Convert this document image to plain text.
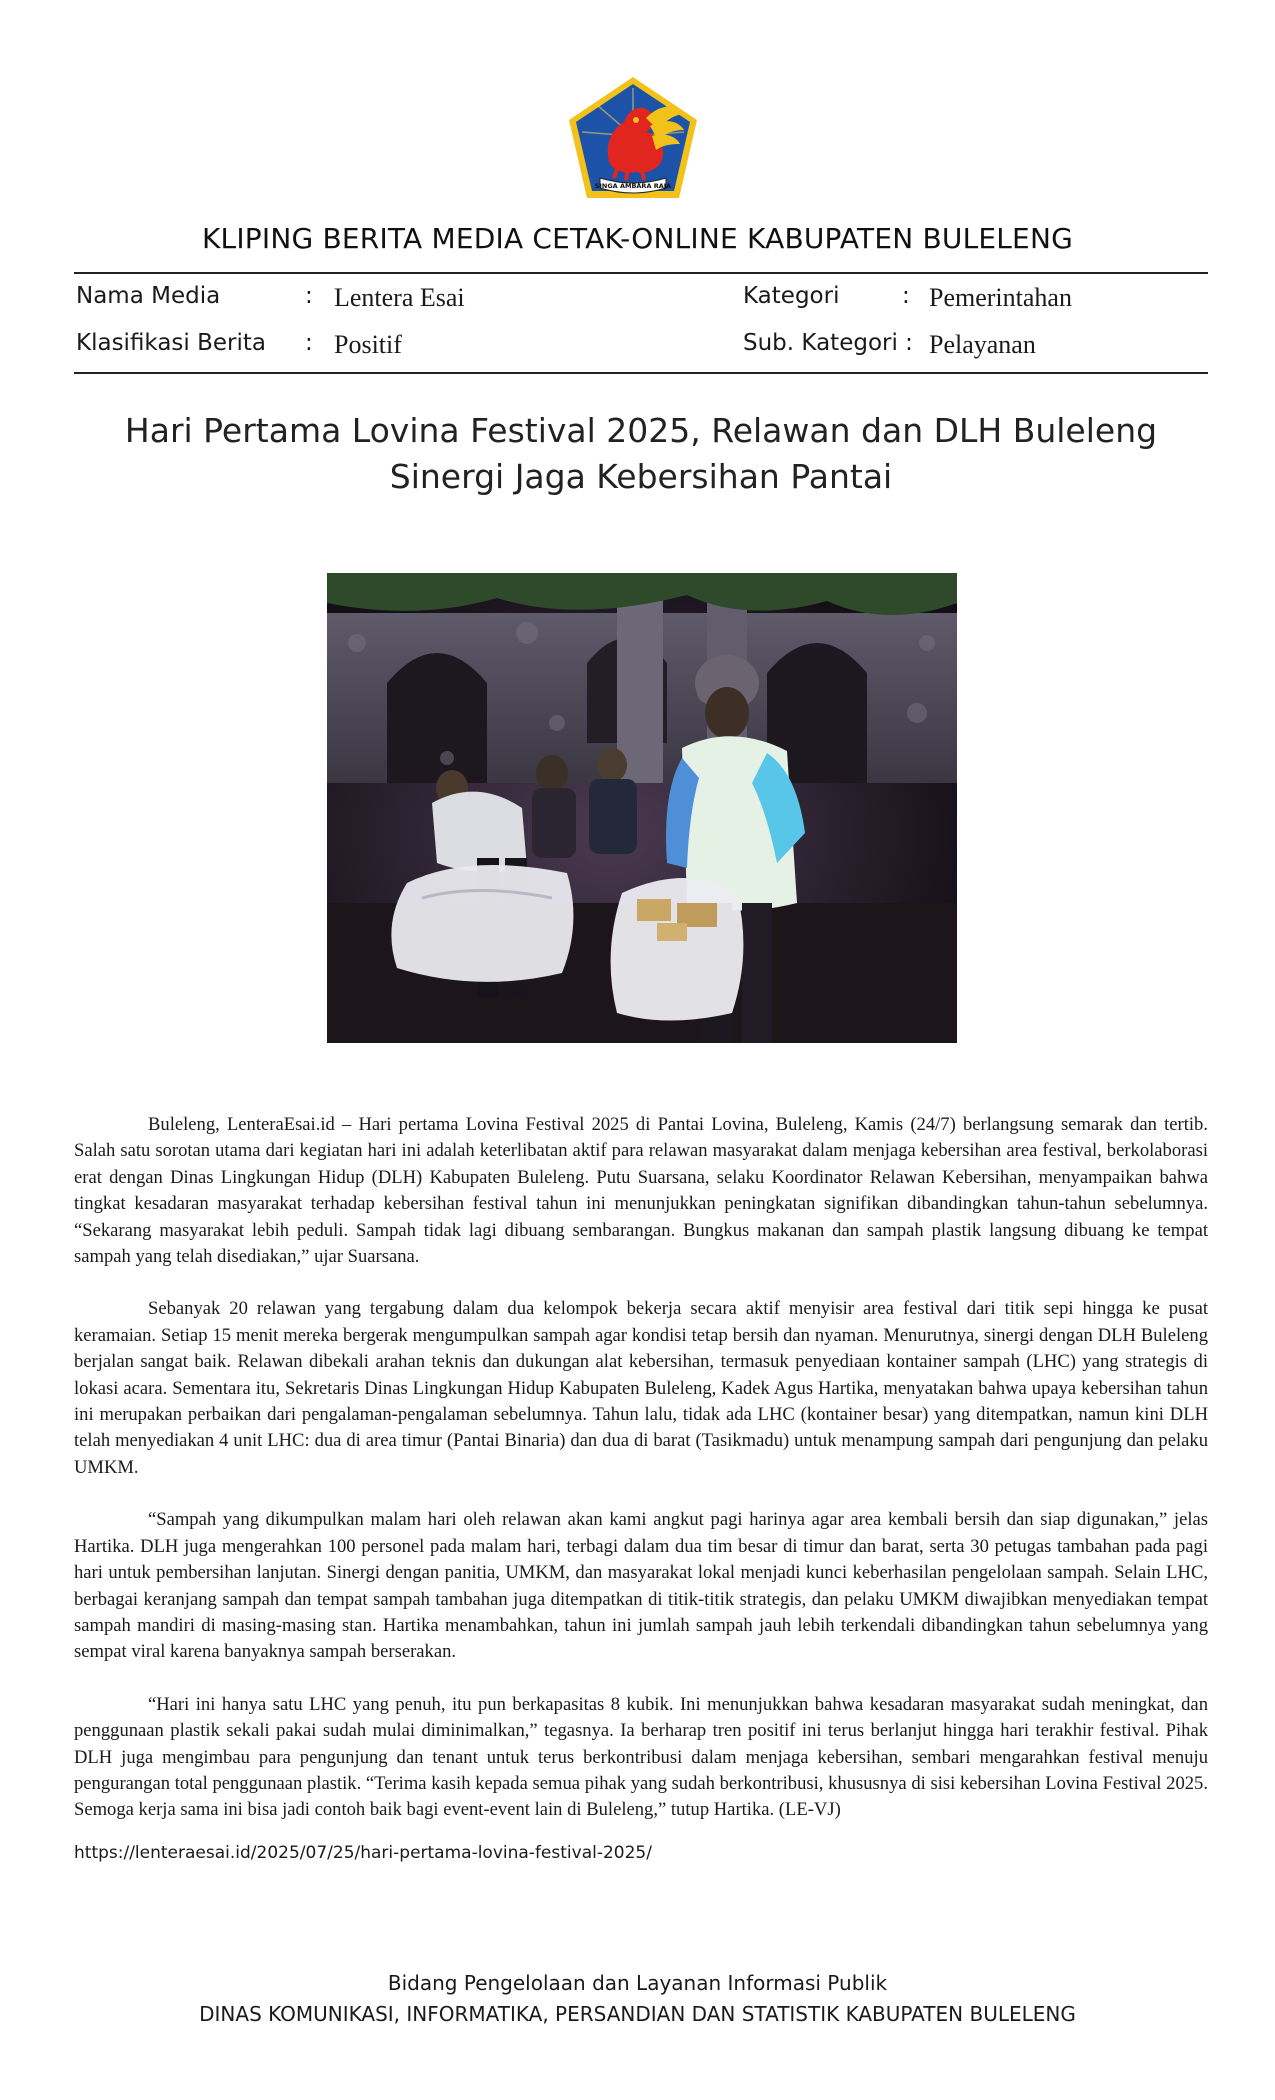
SINGA AMBARA RAJA
KLIPING BERITA MEDIA CETAK-ONLINE KABUPATEN BULELENG
Nama Media	: Lentera Esai	Kategori	: Pemerintahan
Klasifikasi Berita : Positif	Sub. Kategori : Pelayanan
Hari Pertama Lovina Festival 2025, Relawan dan DLH Buleleng Sinergi Jaga Kebersihan Pantai

Buleleng, LenteraEsai.id – Hari pertama Lovina Festival 2025 di Pantai Lovina, Buleleng, Kamis (24/7) berlangsung semarak dan tertib. Salah satu sorotan utama dari kegiatan hari ini adalah keterlibatan aktif para relawan masyarakat dalam menjaga kebersihan area festival, berkolaborasi erat dengan Dinas Lingkungan Hidup (DLH) Kabupaten Buleleng. Putu Suarsana, selaku Koordinator Relawan Kebersihan, menyampaikan bahwa tingkat kesadaran masyarakat terhadap kebersihan festival tahun ini menunjukkan peningkatan signifikan dibandingkan tahun-tahun sebelumnya. “Sekarang masyarakat lebih peduli. Sampah tidak lagi dibuang sembarangan. Bungkus makanan dan sampah plastik langsung dibuang ke tempat sampah yang telah disediakan,” ujar Suarsana.

Sebanyak 20 relawan yang tergabung dalam dua kelompok bekerja secara aktif menyisir area festival dari titik sepi hingga ke pusat keramaian. Setiap 15 menit mereka bergerak mengumpulkan sampah agar kondisi tetap bersih dan nyaman. Menurutnya, sinergi dengan DLH Buleleng berjalan sangat baik. Relawan dibekali arahan teknis dan dukungan alat kebersihan, termasuk penyediaan kontainer sampah (LHC) yang strategis di lokasi acara. Sementara itu, Sekretaris Dinas Lingkungan Hidup Kabupaten Buleleng, Kadek Agus Hartika, menyatakan bahwa upaya kebersihan tahun ini merupakan perbaikan dari pengalaman-pengalaman sebelumnya. Tahun lalu, tidak ada LHC (kontainer besar) yang ditempatkan, namun kini DLH telah menyediakan 4 unit LHC: dua di area timur (Pantai Binaria) dan dua di barat (Tasikmadu) untuk menampung sampah dari pengunjung dan pelaku UMKM.

“Sampah yang dikumpulkan malam hari oleh relawan akan kami angkut pagi harinya agar area kembali bersih dan siap digunakan,” jelas Hartika. DLH juga mengerahkan 100 personel pada malam hari, terbagi dalam dua tim besar di timur dan barat, serta 30 petugas tambahan pada pagi hari untuk pembersihan lanjutan. Sinergi dengan panitia, UMKM, dan masyarakat lokal menjadi kunci keberhasilan pengelolaan sampah. Selain LHC, berbagai keranjang sampah dan tempat sampah tambahan juga ditempatkan di titik-titik strategis, dan pelaku UMKM diwajibkan menyediakan tempat sampah mandiri di masing-masing stan. Hartika menambahkan, tahun ini jumlah sampah jauh lebih terkendali dibandingkan tahun sebelumnya yang sempat viral karena banyaknya sampah berserakan.

“Hari ini hanya satu LHC yang penuh, itu pun berkapasitas 8 kubik. Ini menunjukkan bahwa kesadaran masyarakat sudah meningkat, dan penggunaan plastik sekali pakai sudah mulai diminimalkan,” tegasnya. Ia berharap tren positif ini terus berlanjut hingga hari terakhir festival. Pihak DLH juga mengimbau para pengunjung dan tenant untuk terus berkontribusi dalam menjaga kebersihan, sembari mengarahkan festival menuju pengurangan total penggunaan plastik. “Terima kasih kepada semua pihak yang sudah berkontribusi, khususnya di sisi kebersihan Lovina Festival 2025. Semoga kerja sama ini bisa jadi contoh baik bagi event-event lain di Buleleng,” tutup Hartika. (LE-VJ)

https://lenteraesai.id/2025/07/25/hari-pertama-lovina-festival-2025/
Bidang Pengelolaan dan Layanan Informasi Publik
DINAS KOMUNIKASI, INFORMATIKA, PERSANDIAN DAN STATISTIK KABUPATEN BULELENG
